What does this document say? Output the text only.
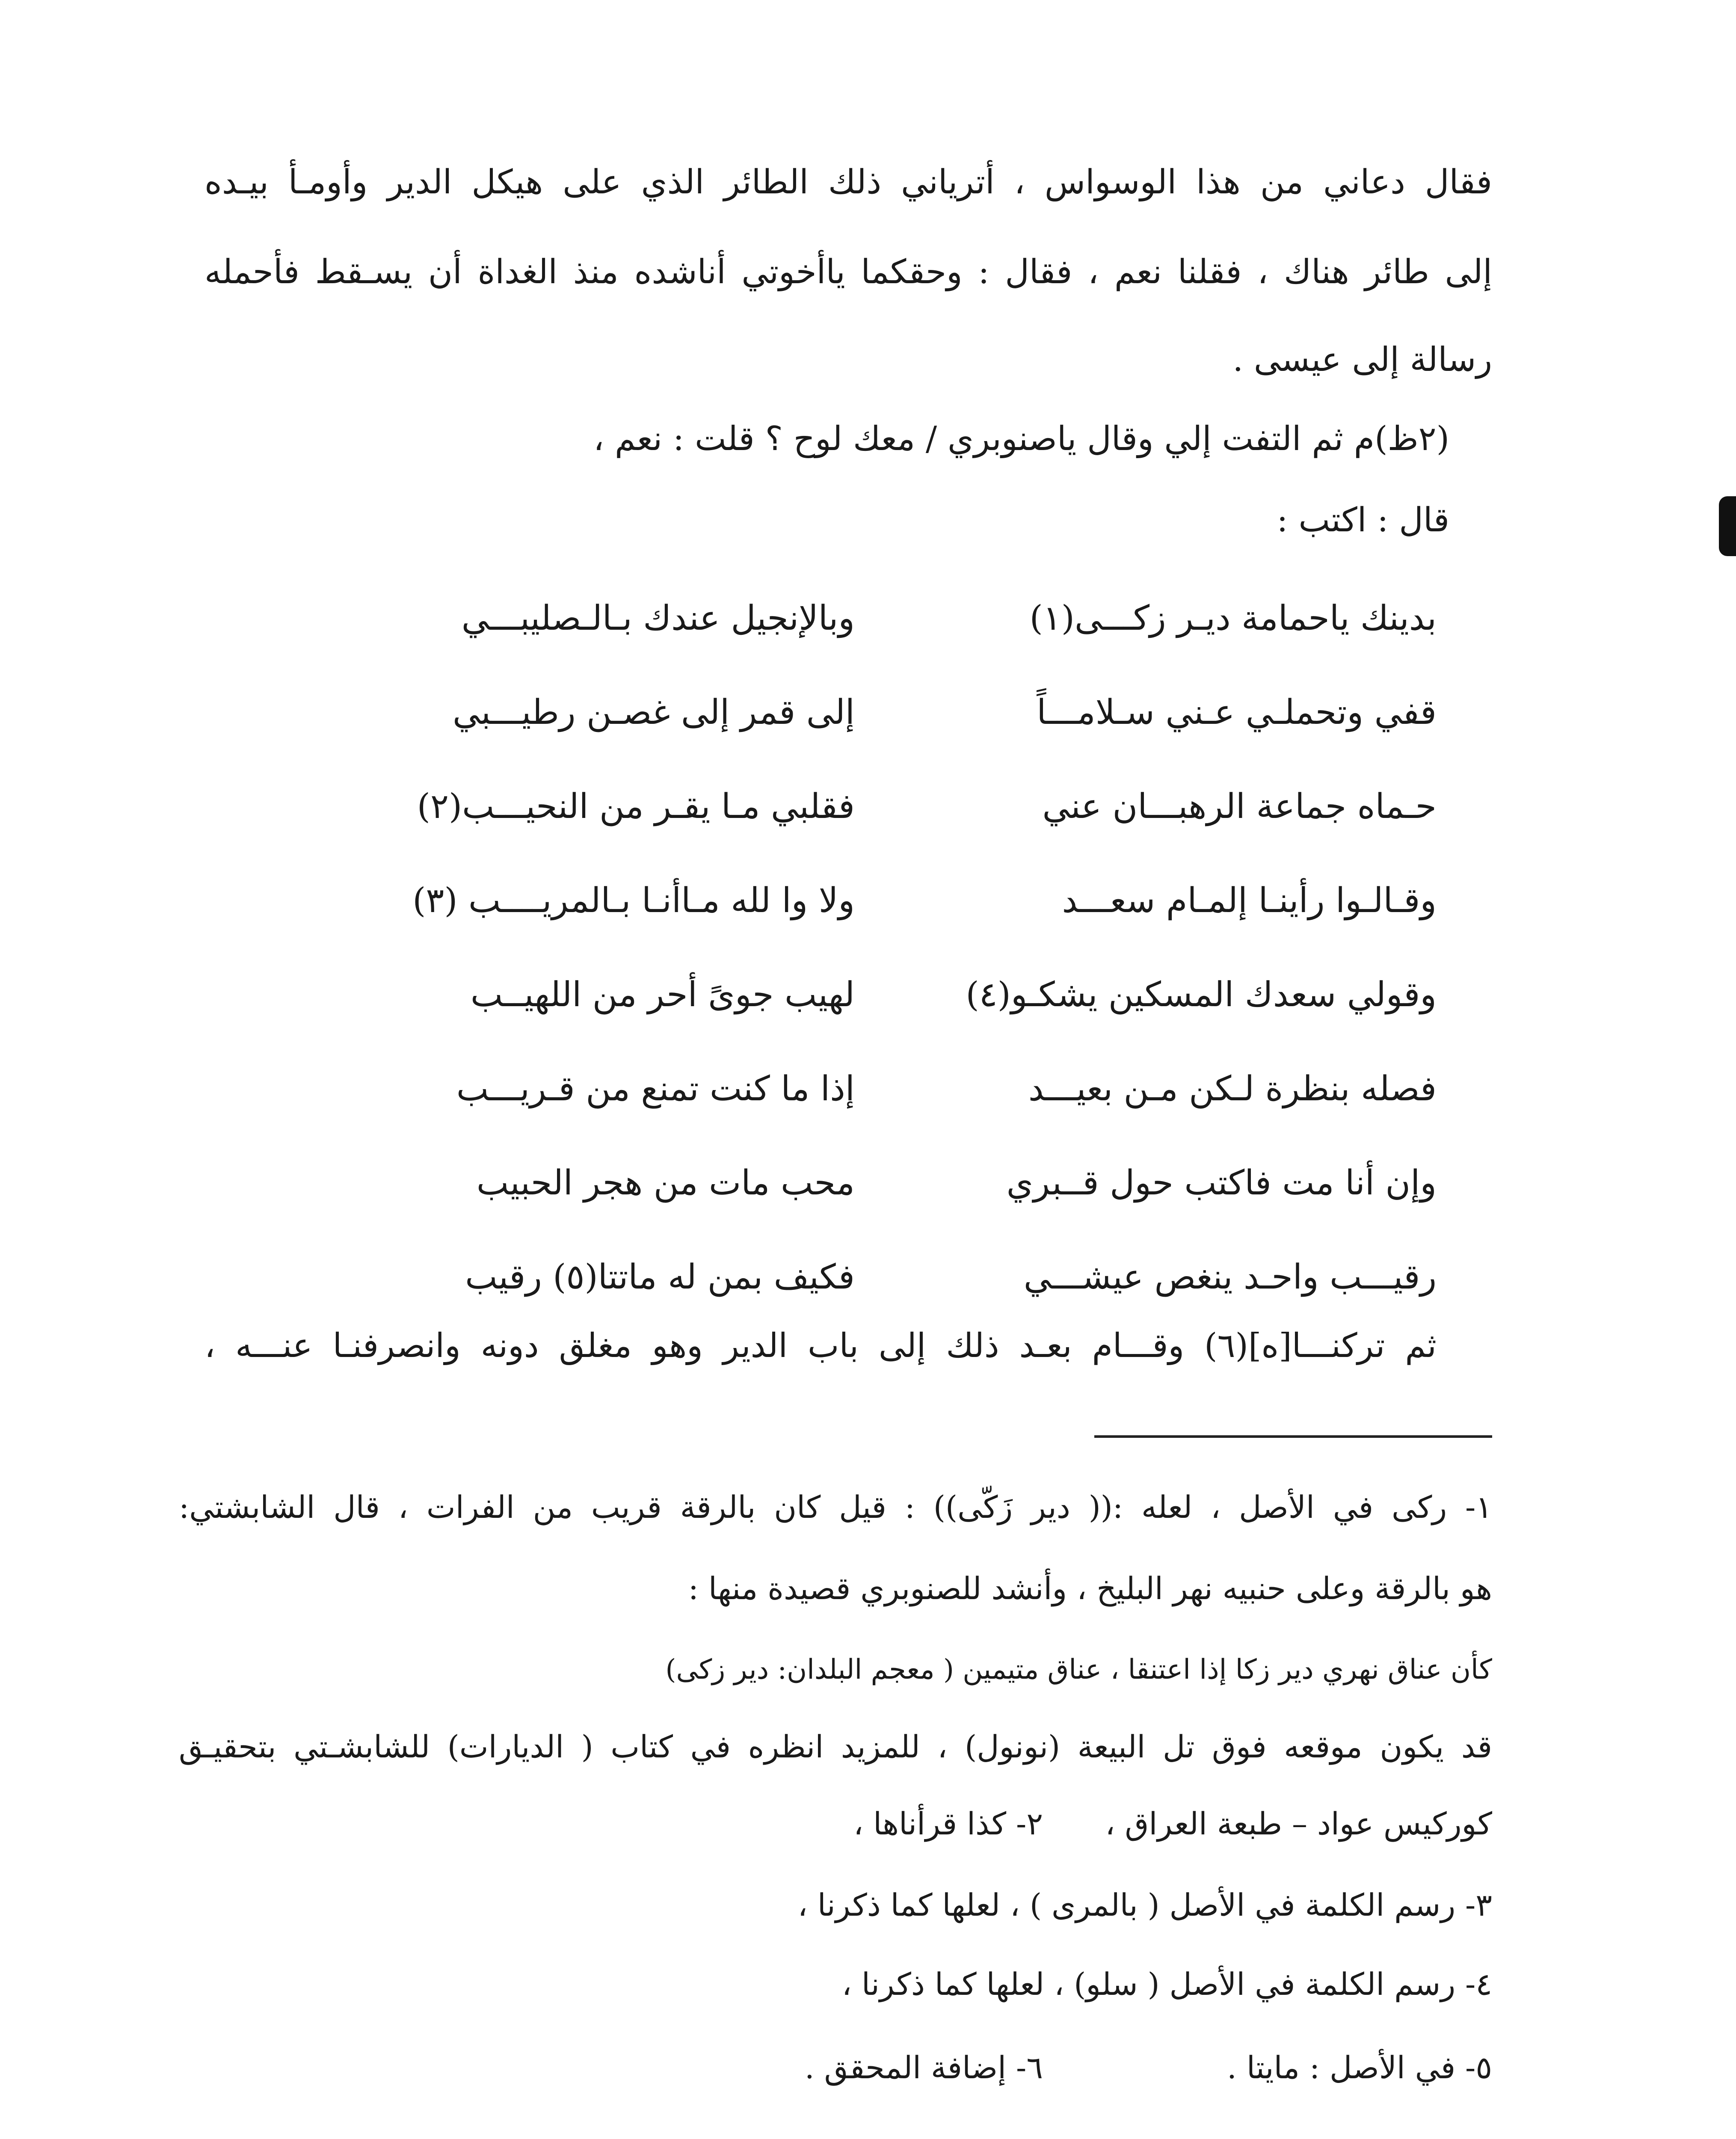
فقال دعاني من هذا الوسواس ، أترياني ذلك الطائر الذي على هيكل الدير وأومـأ بيـده
إلى طائر هناك ، فقلنا نعم ، فقال : وحقكما ياأخوتي أناشده منذ الغداة أن يسـقط فأحمله
رسالة إلى عيسى .
(٢ظ)م ثم التفت إلي وقال ياصنوبري / معك لوح ؟ قلت : نعم ،
قال : اكتب :
بدينك ياحمامة ديـر زكـــى(١)
وبالإنجيل عندك بـالـصليبـــي
قفي وتحملـي عـني سـلامـــاً
إلى قمر إلى غصـن رطيـــبي
حـماه جماعة الرهبـــان عني
فقلبي مـا يقـر من النحيـــب(٢)
وقـالـوا رأينـا إلمـام سعـــد
ولا وا لله مـاأنـا بـالمريــــب (٣)
وقولي سعدك المسكين يشكـو(٤)
لهيب جوىً أحر من اللهيــب
فصله بنظرة لـكن مـن بعيـــد
إذا ما كنت تمنع من قـريـــب
وإن أنا مت فاكتب حول قــبري
محب مات من هجر الحبيب
رقيـــب واحـد ينغص عيشـــي
فكيف بمن له ماتتا(٥) رقيب
ثم تركنـــا[ه](٦) وقـــام بعـد ذلك إلى باب الدير وهو مغلق دونه وانصرفنـا عنـــه ،
١- ركى في الأصل ، لعله :(( دير زَكّى)) : قيل كان بالرقة قريب من الفرات ، قال الشابشتي:
هو بالرقة وعلى حنبيه نهر البليخ ، وأنشد للصنوبري قصيدة منها :
كأن عناق نهري دير زكا إذا اعتنقا ، عناق متيمين ( معجم البلدان: دير زكى)
قد يكون موقعه فوق تل البيعة (نونول) ، للمزيد انظره في كتاب ( الديارات) للشابشـتي بتحقيـق
كوركيس عواد – طبعة العراق ،
٢- كذا قرأناها ،
٣- رسم الكلمة في الأصل ( بالمرى ) ، لعلها كما ذكرنا ،
٤- رسم الكلمة في الأصل ( سلو) ، لعلها كما ذكرنا ،
٥- في الأصل : مايتا .
٦- إضافة المحقق .
